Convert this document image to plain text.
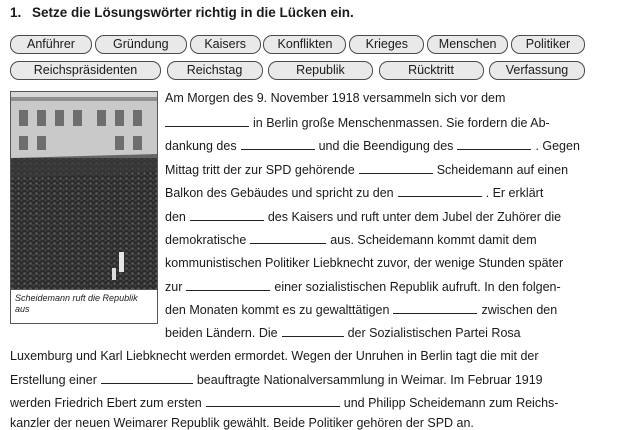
1. Setze die Lösungswörter richtig in die Lücken ein.
Anführer	Gründung	Kaisers	Konflikten	Krieges	Menschen	Politiker
Reichspräsidenten	Reichstag	Republik	Rücktritt	Verfassung
Scheidemann ruft die Republik aus
Am Morgen des 9. November 1918 versammeln sich vor dem
in Berlin große Menschenmassen. Sie fordern die Ab-
dankung des	und die Beendigung des	. Gegen
Mittag tritt der zur SPD gehörende	Scheidemann auf einen
Balkon des Gebäudes und spricht zu den	. Er erklärt
den	des Kaisers und ruft unter dem Jubel der Zuhörer die
demokratische	aus. Scheidemann kommt damit dem
kommunistischen Politiker Liebknecht zuvor, der wenige Stunden später
zur	einer sozialistischen Republik aufruft. In den folgen-
den Monaten kommt es zu gewalttätigen	zwischen den
beiden Ländern. Die	der Sozialistischen Partei Rosa
Luxemburg und Karl Liebknecht werden ermordet. Wegen der Unruhen in Berlin tagt die mit der
Erstellung einer	beauftragte Nationalversammlung in Weimar. Im Februar 1919
werden Friedrich Ebert zum ersten	und Philipp Scheidemann zum Reichs-
kanzler der neuen Weimarer Republik gewählt. Beide Politiker gehören der SPD an.
